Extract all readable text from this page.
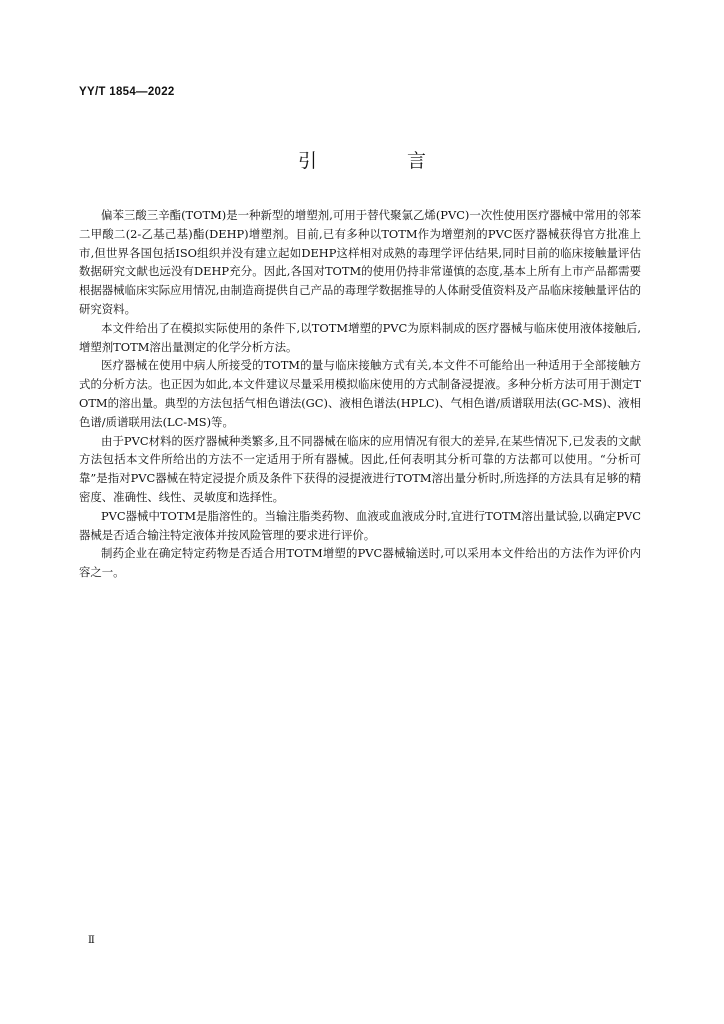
YY/T 1854—2022
引 言

偏苯三酸三辛酯(TOTM)是一种新型的增塑剂,可用于替代聚氯乙烯(PVC)一次性使用医疗器械中常用的邻苯二甲酸二(2-乙基己基)酯(DEHP)增塑剂。目前,已有多种以TOTM作为增塑剂的PVC医疗器械获得官方批准上市,但世界各国包括ISO组织并没有建立起如DEHP这样相对成熟的毒理学评估结果,同时目前的临床接触量评估数据研究文献也远没有DEHP充分。因此,各国对TOTM的使用仍持非常谨慎的态度,基本上所有上市产品都需要根据器械临床实际应用情况,由制造商提供自己产品的毒理学数据推导的人体耐受值资料及产品临床接触量评估的研究资料。

本文件给出了在模拟实际使用的条件下,以TOTM增塑的PVC为原料制成的医疗器械与临床使用液体接触后,增塑剂TOTM溶出量测定的化学分析方法。

医疗器械在使用中病人所接受的TOTM的量与临床接触方式有关,本文件不可能给出一种适用于全部接触方式的分析方法。也正因为如此,本文件建议尽量采用模拟临床使用的方式制备浸提液。多种分析方法可用于测定TOTM的溶出量。典型的方法包括气相色谱法(GC)、液相色谱法(HPLC)、气相色谱/质谱联用法(GC-MS)、液相色谱/质谱联用法(LC-MS)等。

由于PVC材料的医疗器械种类繁多,且不同器械在临床的应用情况有很大的差异,在某些情况下,已发表的文献方法包括本文件所给出的方法不一定适用于所有器械。因此,任何表明其分析可靠的方法都可以使用。“分析可靠”是指对PVC器械在特定浸提介质及条件下获得的浸提液进行TOTM溶出量分析时,所选择的方法具有足够的精密度、准确性、线性、灵敏度和选择性。

PVC器械中TOTM是脂溶性的。当输注脂类药物、血液或血液成分时,宜进行TOTM溶出量试验,以确定PVC器械是否适合输注特定液体并按风险管理的要求进行评价。

制药企业在确定特定药物是否适合用TOTM增塑的PVC器械输送时,可以采用本文件给出的方法作为评价内容之一。

Ⅱ
